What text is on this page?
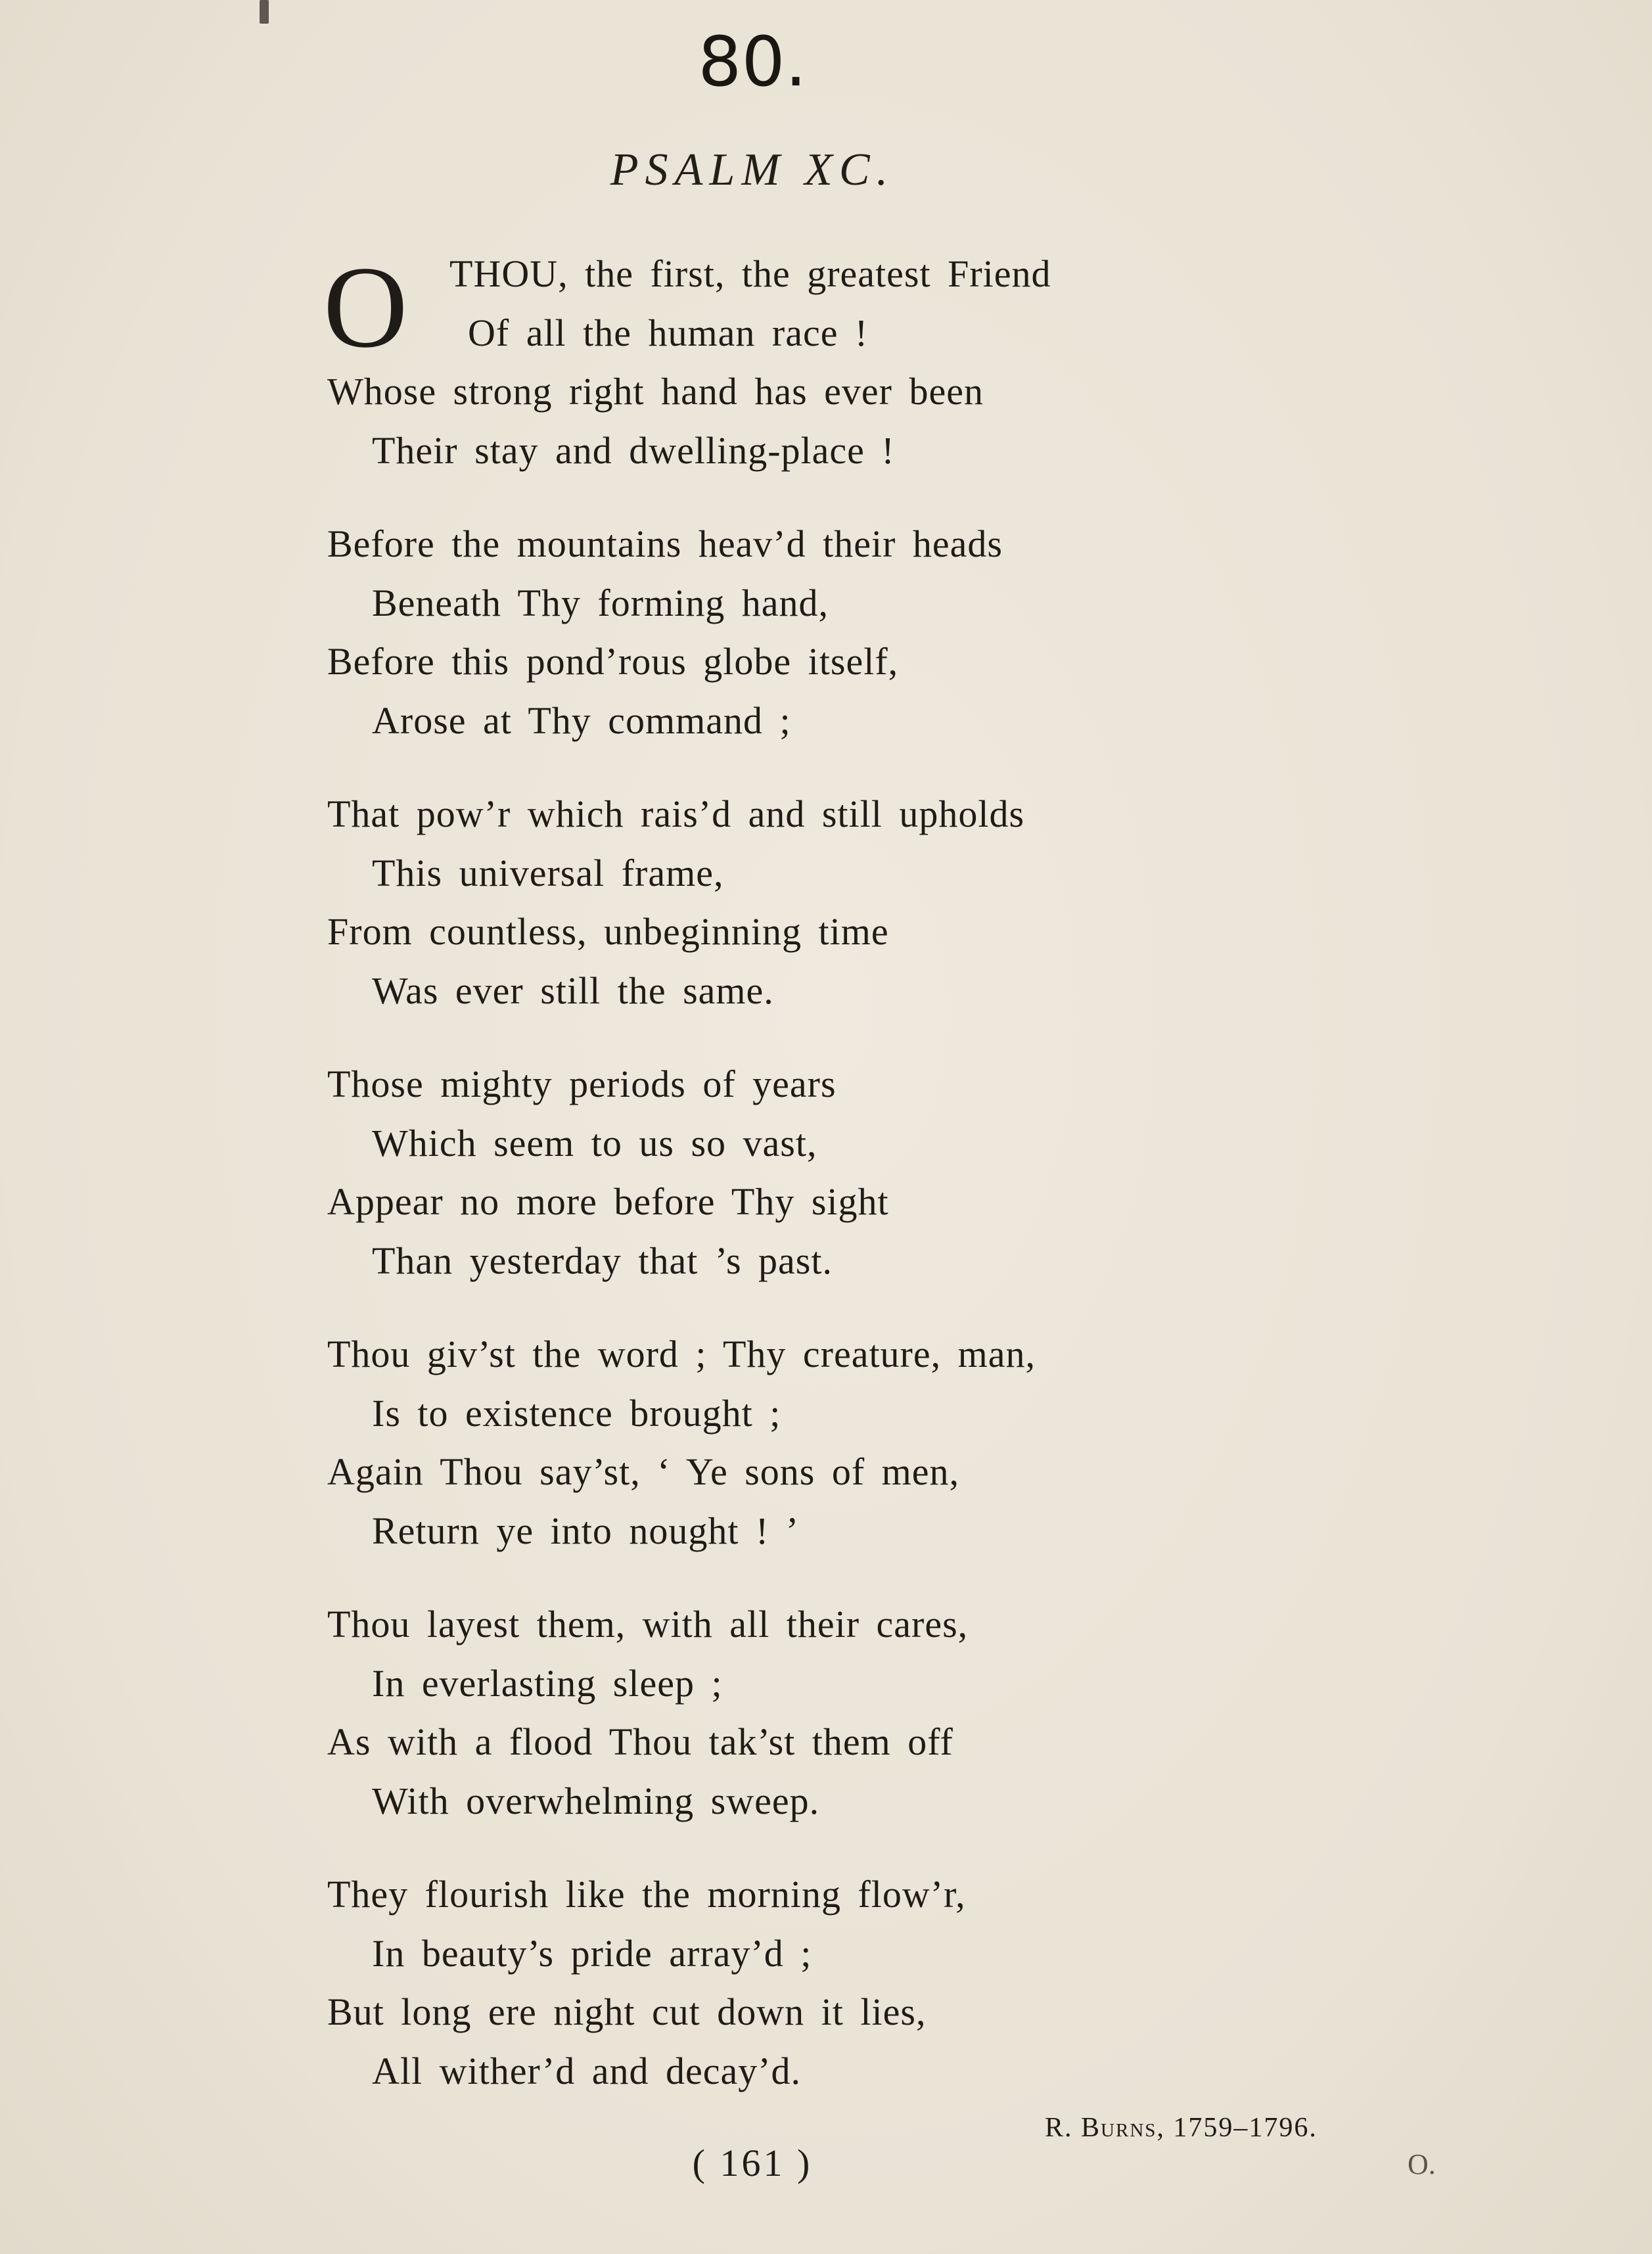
80.
PSALM XC.
O	THOU, the first, the greatest Friend
Of all the human race !
Whose strong right hand has ever been
Their stay and dwelling-place !
Before the mountains heav’d their heads
Beneath Thy forming hand,
Before this pond’rous globe itself,
Arose at Thy command ;
That pow’r which rais’d and still upholds
This universal frame,
From countless, unbeginning time
Was ever still the same.
Those mighty periods of years
Which seem to us so vast,
Appear no more before Thy sight
Than yesterday that ’s past.
Thou giv’st the word ; Thy creature, man,
Is to existence brought ;
Again Thou say’st, ‘ Ye sons of men,
Return ye into nought ! ’
Thou layest them, with all their cares,
In everlasting sleep ;
As with a flood Thou tak’st them off
With overwhelming sweep.
They flourish like the morning flow’r,
In beauty’s pride array’d ;
But long ere night cut down it lies,
All wither’d and decay’d.
R. Burns, 1759–1796.
( 161 )	O.
